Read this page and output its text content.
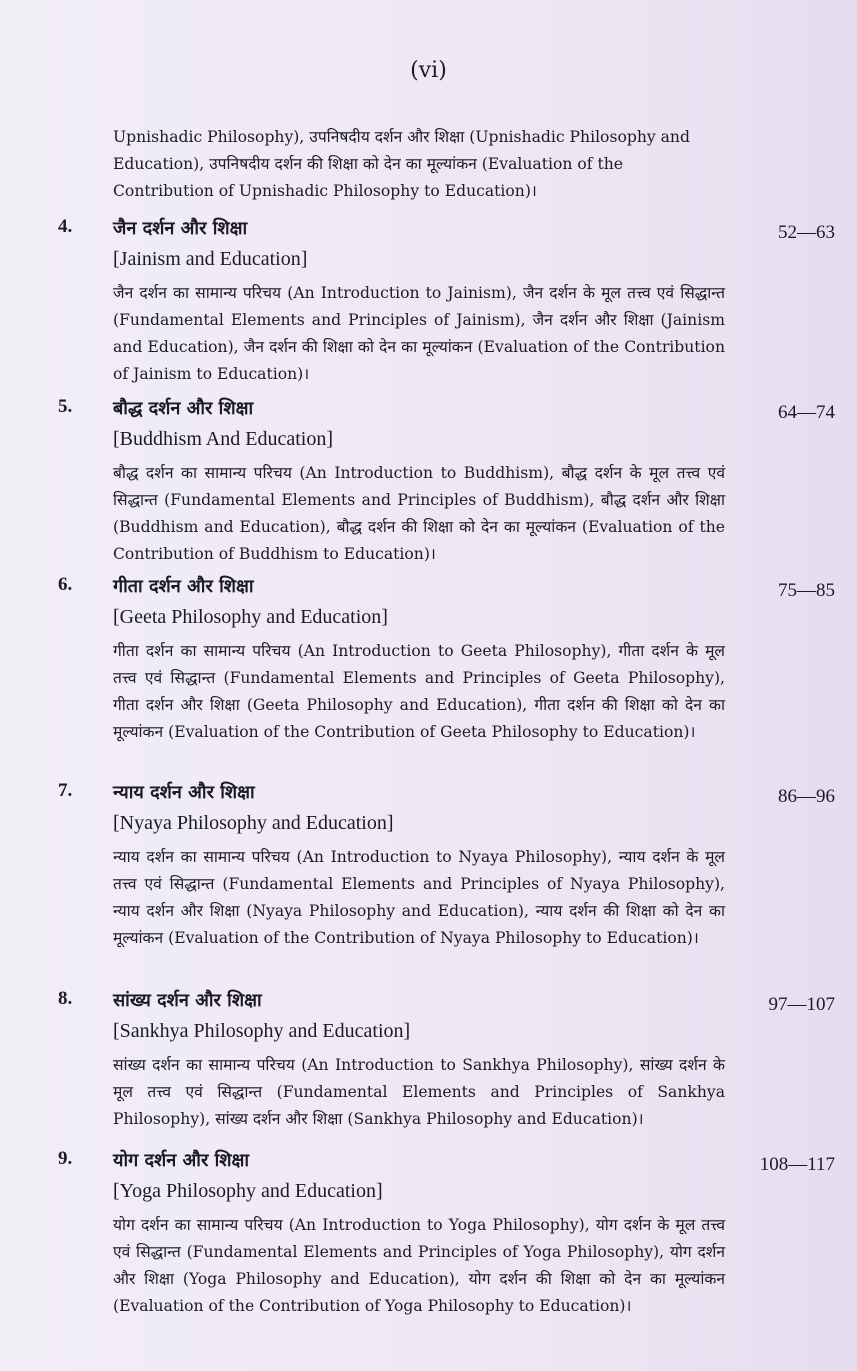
(vi)
Upnishadic Philosophy), उपनिषदीय दर्शन और शिक्षा (Upnishadic Philosophy and Education), उपनिषदीय दर्शन की शिक्षा को देन का मूल्यांकन (Evaluation of the Contribution of Upnishadic Philosophy to Education)।
4. जैन दर्शन और शिक्षा	52—63
[Jainism and Education]
जैन दर्शन का सामान्य परिचय (An Introduction to Jainism), जैन दर्शन के मूल तत्त्व एवं सिद्धान्त (Fundamental Elements and Principles of Jainism), जैन दर्शन और शिक्षा (Jainism and Education), जैन दर्शन की शिक्षा को देन का मूल्यांकन (Evaluation of the Contribution of Jainism to Education)।
5. बौद्ध दर्शन और शिक्षा	64—74
[Buddhism And Education]
बौद्ध दर्शन का सामान्य परिचय (An Introduction to Buddhism), बौद्ध दर्शन के मूल तत्त्व एवं सिद्धान्त (Fundamental Elements and Principles of Buddhism), बौद्ध दर्शन और शिक्षा (Buddhism and Education), बौद्ध दर्शन की शिक्षा को देन का मूल्यांकन (Evaluation of the Contribution of Buddhism to Education)।
6. गीता दर्शन और शिक्षा	75—85
[Geeta Philosophy and Education]
गीता दर्शन का सामान्य परिचय (An Introduction to Geeta Philosophy), गीता दर्शन के मूल तत्त्व एवं सिद्धान्त (Fundamental Elements and Principles of Geeta Philosophy), गीता दर्शन और शिक्षा (Geeta Philosophy and Education), गीता दर्शन की शिक्षा को देन का मूल्यांकन (Evaluation of the Contribution of Geeta Philosophy to Education)।
7. न्याय दर्शन और शिक्षा	86—96
[Nyaya Philosophy and Education]
न्याय दर्शन का सामान्य परिचय (An Introduction to Nyaya Philosophy), न्याय दर्शन के मूल तत्त्व एवं सिद्धान्त (Fundamental Elements and Principles of Nyaya Philosophy), न्याय दर्शन और शिक्षा (Nyaya Philosophy and Education), न्याय दर्शन की शिक्षा को देन का मूल्यांकन (Evaluation of the Contribution of Nyaya Philosophy to Education)।
8. सांख्य दर्शन और शिक्षा	97—107
[Sankhya Philosophy and Education]
सांख्य दर्शन का सामान्य परिचय (An Introduction to Sankhya Philosophy), सांख्य दर्शन के मूल तत्त्व एवं सिद्धान्त (Fundamental Elements and Principles of Sankhya Philosophy), सांख्य दर्शन और शिक्षा (Sankhya Philosophy and Education)।
9. योग दर्शन और शिक्षा	108—117
[Yoga Philosophy and Education]
योग दर्शन का सामान्य परिचय (An Introduction to Yoga Philosophy), योग दर्शन के मूल तत्त्व एवं सिद्धान्त (Fundamental Elements and Principles of Yoga Philosophy), योग दर्शन और शिक्षा (Yoga Philosophy and Education), योग दर्शन की शिक्षा को देन का मूल्यांकन (Evaluation of the Contribution of Yoga Philosophy to Education)।
